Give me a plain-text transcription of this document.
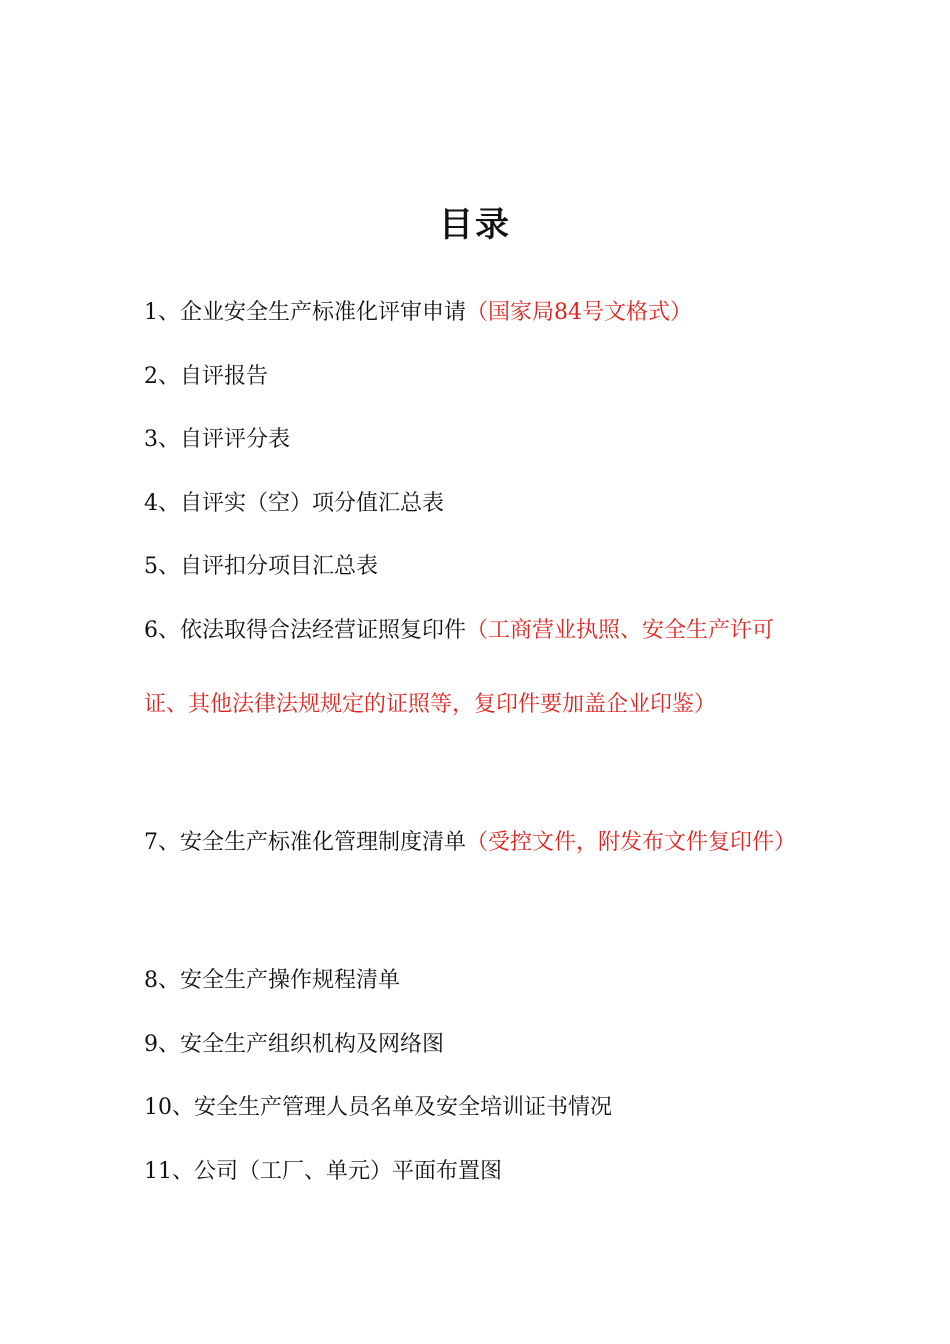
目录

1、企业安全生产标准化评审申请（国家局84号文格式）

2、自评报告

3、自评评分表

4、自评实（空）项分值汇总表

5、自评扣分项目汇总表

6、依法取得合法经营证照复印件（工商营业执照、安全生产许可证、其他法律法规规定的证照等，复印件要加盖企业印鉴）

7、安全生产标准化管理制度清单（受控文件，附发布文件复印件）

8、安全生产操作规程清单

9、安全生产组织机构及网络图

10、安全生产管理人员名单及安全培训证书情况

11、公司（工厂、单元）平面布置图
